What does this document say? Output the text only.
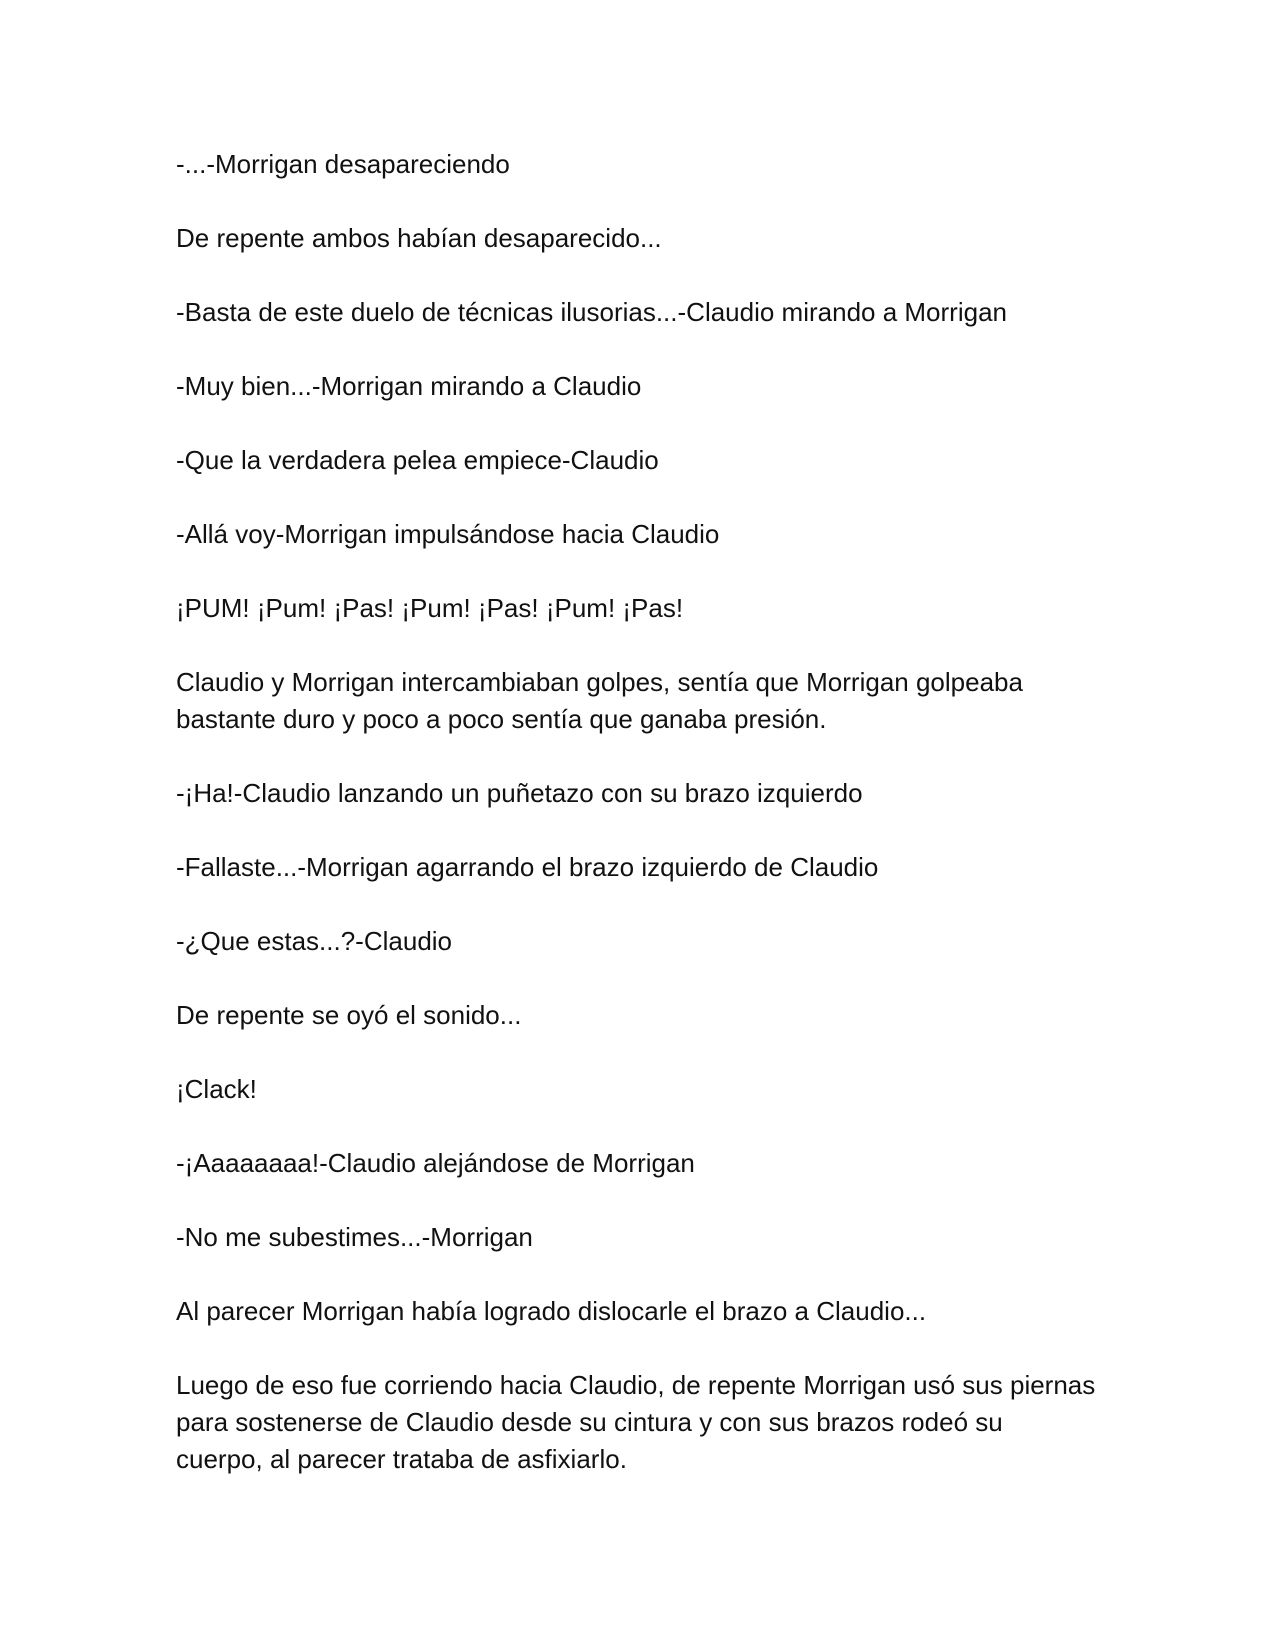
-...-Morrigan desapareciendo

De repente ambos habían desaparecido...

-Basta de este duelo de técnicas ilusorias...-Claudio mirando a Morrigan

-Muy bien...-Morrigan mirando a Claudio

-Que la verdadera pelea empiece-Claudio

-Allá voy-Morrigan impulsándose hacia Claudio

¡PUM! ¡Pum! ¡Pas! ¡Pum! ¡Pas! ¡Pum! ¡Pas!

Claudio y Morrigan intercambiaban golpes, sentía que Morrigan golpeaba bastante duro y poco a poco sentía que ganaba presión.

-¡Ha!-Claudio lanzando un puñetazo con su brazo izquierdo

-Fallaste...-Morrigan agarrando el brazo izquierdo de Claudio

-¿Que estas...?-Claudio

De repente se oyó el sonido...

¡Clack!

-¡Aaaaaaaa!-Claudio alejándose de Morrigan

-No me subestimes...-Morrigan

Al parecer Morrigan había logrado dislocarle el brazo a Claudio...

Luego de eso fue corriendo hacia Claudio, de repente Morrigan usó sus piernas para sostenerse de Claudio desde su cintura y con sus brazos rodeó su cuerpo, al parecer trataba de asfixiarlo.
